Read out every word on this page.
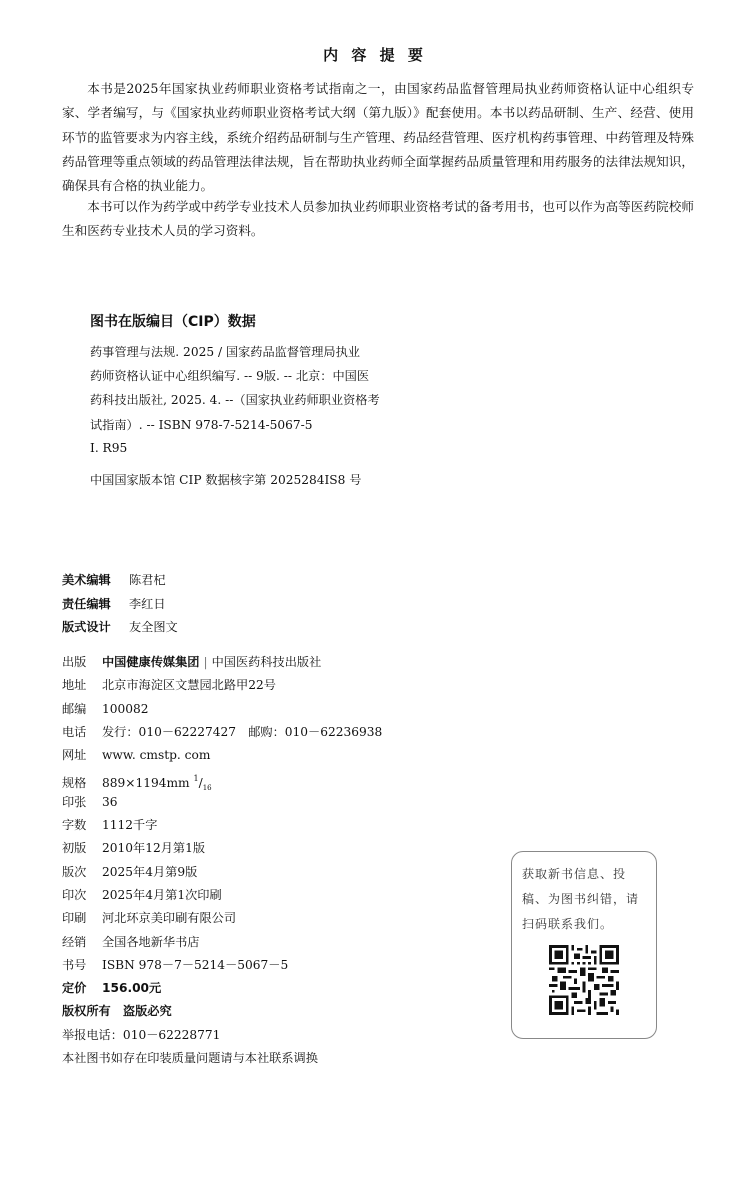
内 容 提 要

本书是2025年国家执业药师职业资格考试指南之一，由国家药品监督管理局执业药师资格认证中心组织专家、学者编写，与《国家执业药师职业资格考试大纲（第九版）》配套使用。本书以药品研制、生产、经营、使用环节的监管要求为内容主线，系统介绍药品研制与生产管理、药品经营管理、医疗机构药事管理、中药管理及特殊药品管理等重点领域的药品管理法律法规，旨在帮助执业药师全面掌握药品质量管理和用药服务的法律法规知识，确保具有合格的执业能力。

本书可以作为药学或中药学专业技术人员参加执业药师职业资格考试的备考用书，也可以作为高等医药院校师生和医药专业技术人员的学习资料。

图书在版编目（CIP）数据
药事管理与法规. 2025 / 国家药品监督管理局执业
药师资格认证中心组织编写. -- 9版. -- 北京：中国医
药科技出版社, 2025. 4. --（国家执业药师职业资格考
试指南）. -- ISBN 978-7-5214-5067-5
Ⅰ. R95
中国国家版本馆 CIP 数据核字第 2025284IS8 号
美术编辑 陈君杞
责任编辑 李红日
版式设计 友全图文
出版 中国健康传媒集团 | 中国医药科技出版社
地址 北京市海淀区文慧园北路甲22号
邮编 100082
电话 发行：010－62227427　邮购：010－62236938
网址 www. cmstp. com
规格 889×1194mm $^1/_{16}$
印张 36
字数 1112千字
初版 2010年12月第1版
版次 2025年4月第9版
印次 2025年4月第1次印刷
印刷 河北环京美印刷有限公司
经销 全国各地新华书店
书号 ISBN 978－7－5214－5067－5
定价 156.00元
版权所有　盗版必究
举报电话：010－62228771
本社图书如存在印装质量问题请与本社联系调换
获取新书信息、投稿、为图书纠错，请扫码联系我们。
